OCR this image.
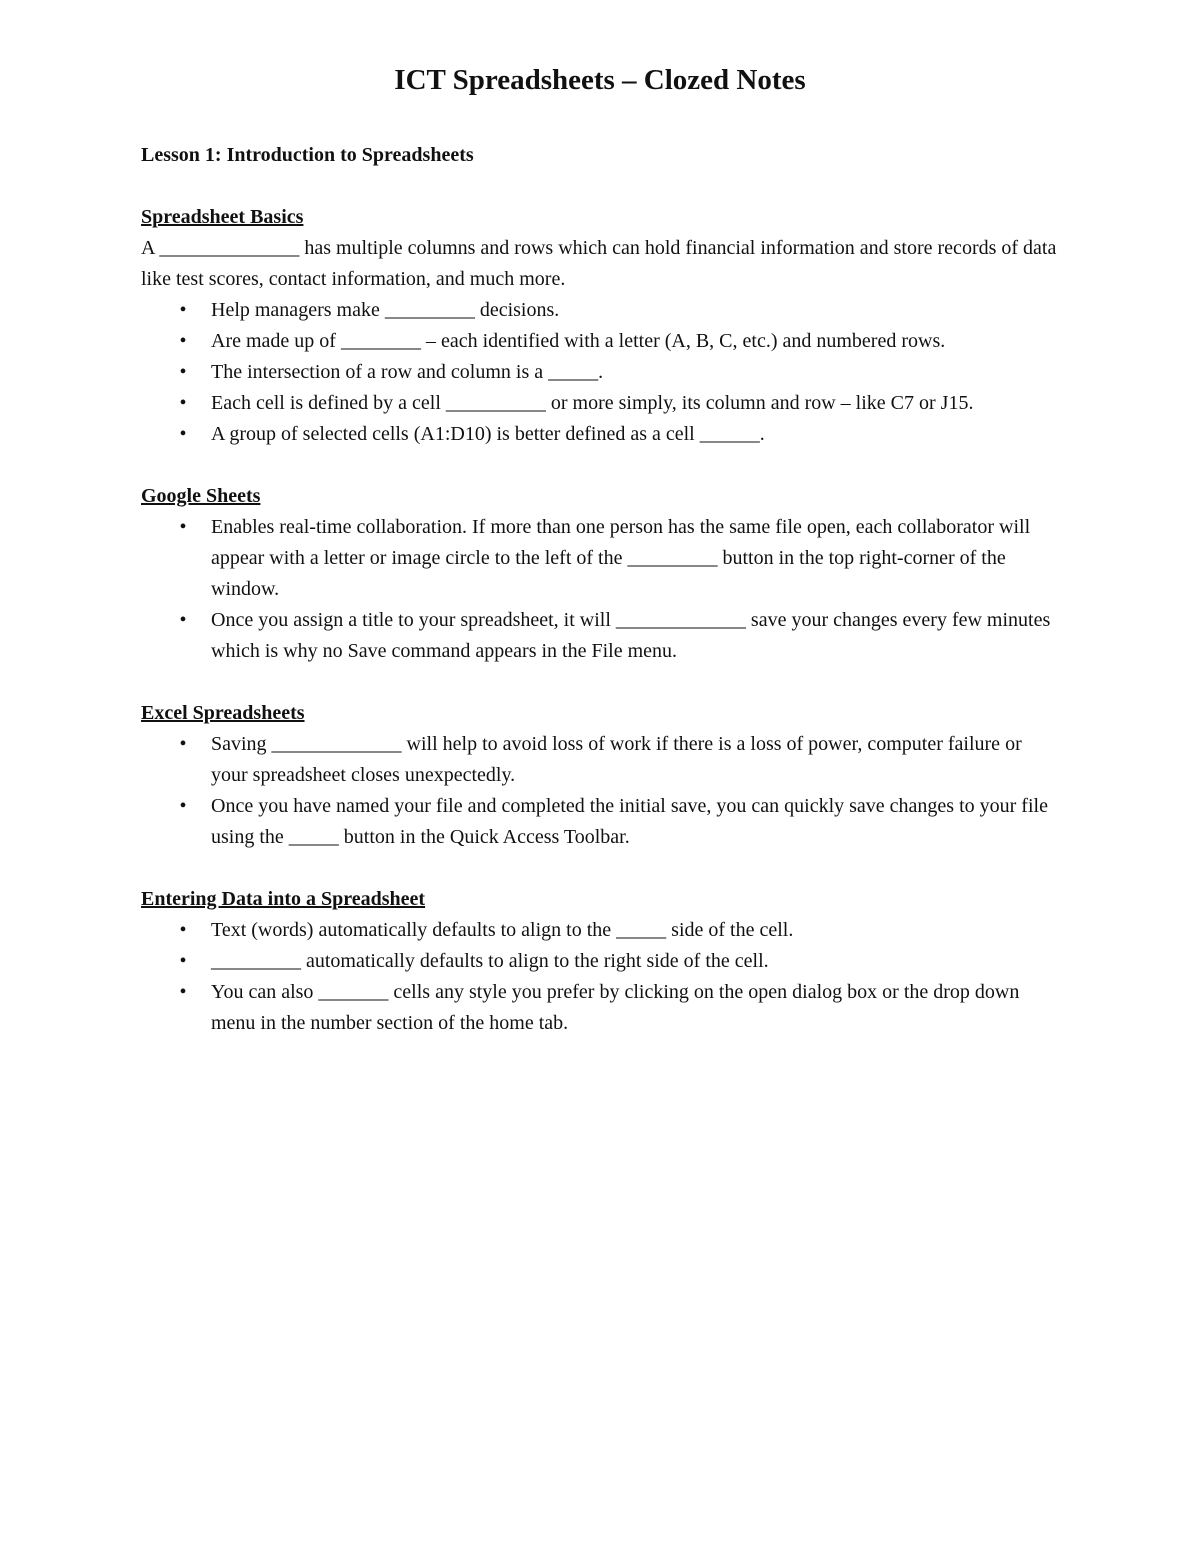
ICT Spreadsheets – Clozed Notes

Lesson 1: Introduction to Spreadsheets

Spreadsheet Basics

A ______________ has multiple columns and rows which can hold financial information and store records of data like test scores, contact information, and much more.

•	Help managers make _________ decisions.
•	Are made up of ________ – each identified with a letter (A, B, C, etc.) and numbered rows.
•	The intersection of a row and column is a _____.
•	Each cell is defined by a cell __________ or more simply, its column and row – like C7 or J15.
•	A group of selected cells (A1:D10) is better defined as a cell ______.

Google Sheets

•	Enables real-time collaboration. If more than one person has the same file open, each collaborator will appear with a letter or image circle to the left of the _________ button in the top right-corner of the window.
•	Once you assign a title to your spreadsheet, it will _____________ save your changes every few minutes which is why no Save command appears in the File menu.

Excel Spreadsheets

•	Saving _____________ will help to avoid loss of work if there is a loss of power, computer failure or your spreadsheet closes unexpectedly.
•	Once you have named your file and completed the initial save, you can quickly save changes to your file using the _____ button in the Quick Access Toolbar.

Entering Data into a Spreadsheet

•	Text (words) automatically defaults to align to the _____ side of the cell.
•	_________ automatically defaults to align to the right side of the cell.
•	You can also _______ cells any style you prefer by clicking on the open dialog box or the drop down menu in the number section of the home tab.
